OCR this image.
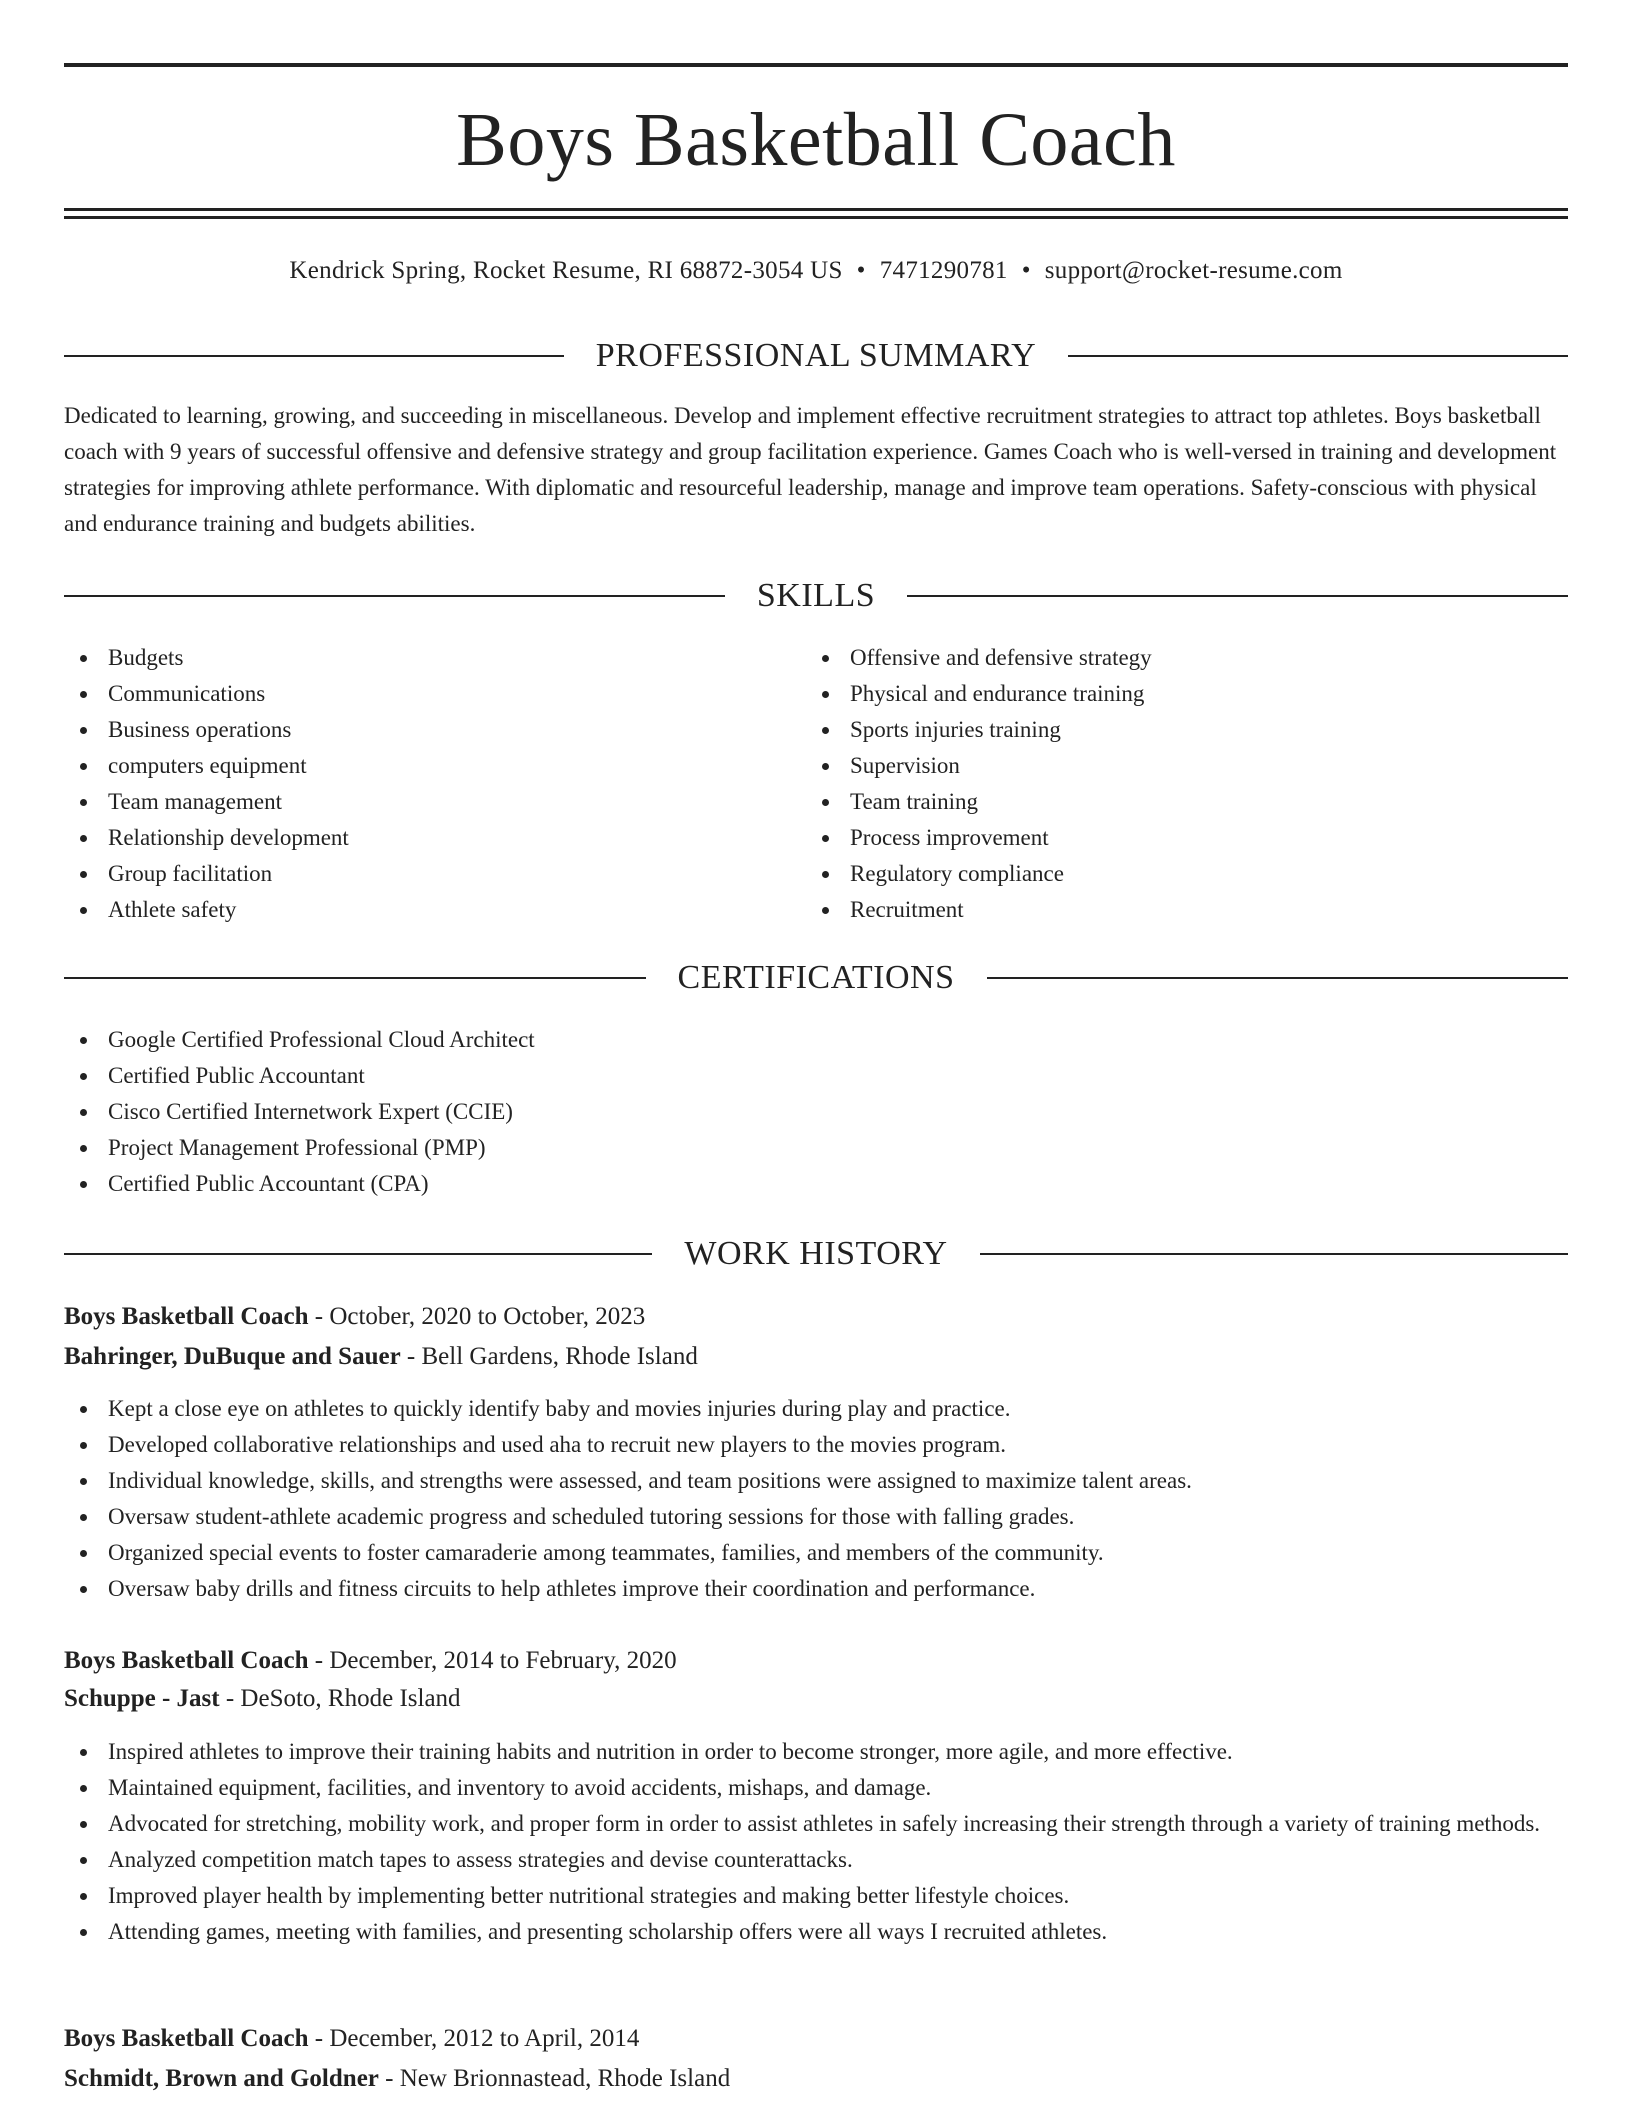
Boys Basketball Coach
Kendrick Spring, Rocket Resume, RI 68872-3054 US • 7471290781 • support@rocket-resume.com
PROFESSIONAL SUMMARY

Dedicated to learning, growing, and succeeding in miscellaneous. Develop and implement effective recruitment strategies to attract top athletes. Boys basketball coach with 9 years of successful offensive and defensive strategy and group facilitation experience. Games Coach who is well-versed in training and development strategies for improving athlete performance. With diplomatic and resourceful leadership, manage and improve team operations. Safety-conscious with physical and endurance training and budgets abilities.

SKILLS
Budgets
Communications
Business operations
computers equipment
Team management
Relationship development
Group facilitation
Athlete safety
Offensive and defensive strategy
Physical and endurance training
Sports injuries training
Supervision
Team training
Process improvement
Regulatory compliance
Recruitment
CERTIFICATIONS
Google Certified Professional Cloud Architect
Certified Public Accountant
Cisco Certified Internetwork Expert (CCIE)
Project Management Professional (PMP)
Certified Public Accountant (CPA)
WORK HISTORY
Boys Basketball Coach - October, 2020 to October, 2023
Bahringer, DuBuque and Sauer - Bell Gardens, Rhode Island
Kept a close eye on athletes to quickly identify baby and movies injuries during play and practice.
Developed collaborative relationships and used aha to recruit new players to the movies program.
Individual knowledge, skills, and strengths were assessed, and team positions were assigned to maximize talent areas.
Oversaw student-athlete academic progress and scheduled tutoring sessions for those with falling grades.
Organized special events to foster camaraderie among teammates, families, and members of the community.
Oversaw baby drills and fitness circuits to help athletes improve their coordination and performance.
Boys Basketball Coach - December, 2014 to February, 2020
Schuppe - Jast - DeSoto, Rhode Island
Inspired athletes to improve their training habits and nutrition in order to become stronger, more agile, and more effective.
Maintained equipment, facilities, and inventory to avoid accidents, mishaps, and damage.
Advocated for stretching, mobility work, and proper form in order to assist athletes in safely increasing their strength through a variety of training methods.
Analyzed competition match tapes to assess strategies and devise counterattacks.
Improved player health by implementing better nutritional strategies and making better lifestyle choices.
Attending games, meeting with families, and presenting scholarship offers were all ways I recruited athletes.
Boys Basketball Coach - December, 2012 to April, 2014
Schmidt, Brown and Goldner - New Brionnastead, Rhode Island
